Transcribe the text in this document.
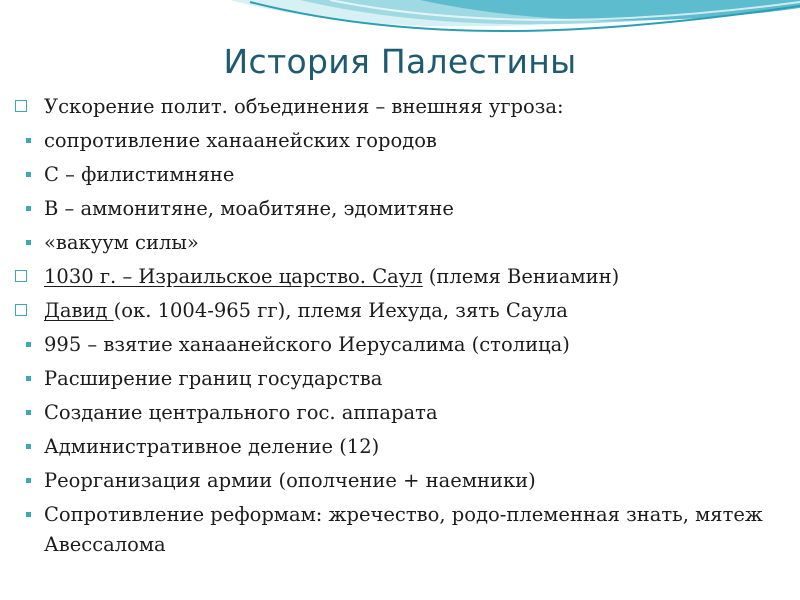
История Палестины
Ускорение полит. объединения – внешняя угроза:
сопротивление ханаанейских городов
С – филистимняне
В – аммонитяне, моабитяне, эдомитяне
«вакуум силы»
1030 г. – Израильское царство. Саул (племя Вениамин)
Давид (ок. 1004-965 гг), племя Иехуда, зять Саула
995 – взятие ханаанейского Иерусалима (столица)
Расширение границ государства
Создание центрального гос. аппарата
Административное деление (12)
Реорганизация армии (ополчение + наемники)
Сопротивление реформам: жречество, родо-племенная знать, мятеж Авессалома
